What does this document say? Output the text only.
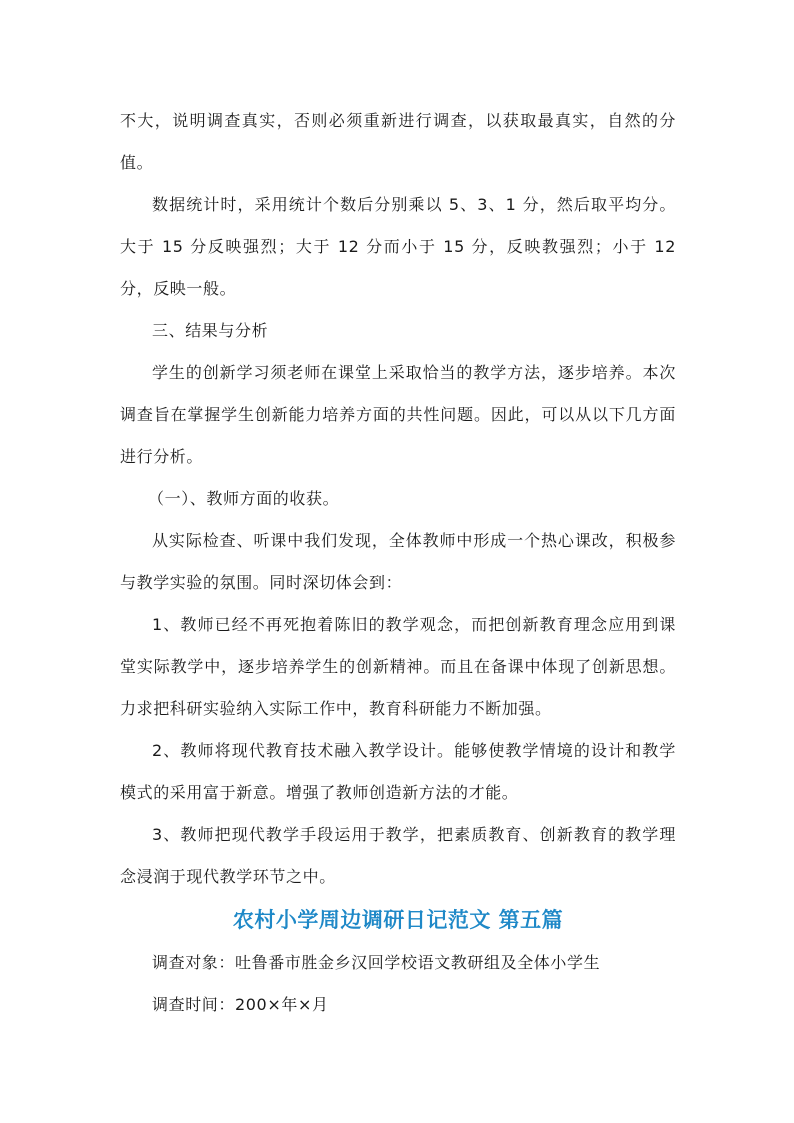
不大，说明调查真实，否则必须重新进行调查，以获取最真实，自然的分值。

数据统计时，采用统计个数后分别乘以 5、3、1 分，然后取平均分。大于 15 分反映强烈；大于 12 分而小于 15 分，反映教强烈；小于 12 分，反映一般。

三、结果与分析

学生的创新学习须老师在课堂上采取恰当的教学方法，逐步培养。本次调查旨在掌握学生创新能力培养方面的共性问题。因此，可以从以下几方面进行分析。

（一）、教师方面的收获。

从实际检查、听课中我们发现，全体教师中形成一个热心课改，积极参与教学实验的氛围。同时深切体会到：

1、教师已经不再死抱着陈旧的教学观念，而把创新教育理念应用到课堂实际教学中，逐步培养学生的创新精神。而且在备课中体现了创新思想。力求把科研实验纳入实际工作中，教育科研能力不断加强。

2、教师将现代教育技术融入教学设计。能够使教学情境的设计和教学模式的采用富于新意。增强了教师创造新方法的才能。

3、教师把现代教学手段运用于教学，把素质教育、创新教育的教学理念浸润于现代教学环节之中。

农村小学周边调研日记范文 第五篇

调查对象：吐鲁番市胜金乡汉回学校语文教研组及全体小学生

调查时间：200×年×月
